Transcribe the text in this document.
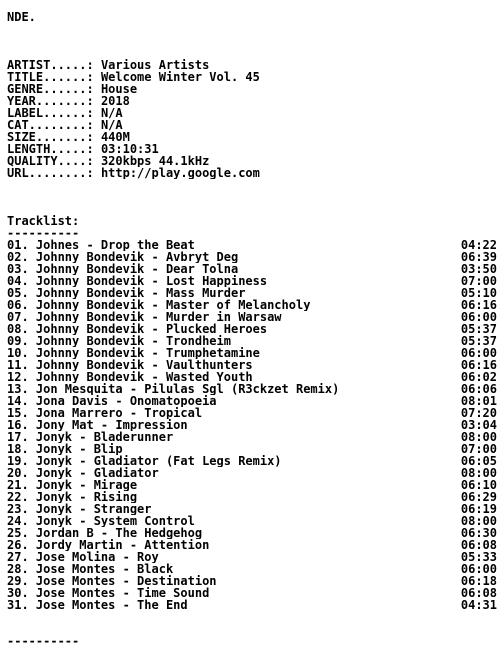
NDE.
ARTIST.....: Various Artists
TITLE......: Welcome Winter Vol. 45
GENRE......: House
YEAR.......: 2018
LABEL......: N/A
CAT........: N/A
SIZE.......: 440M
LENGTH.....: 03:10:31
QUALITY....: 320kbps 44.1kHz
URL........: http://play.google.com
Tracklist:
----------
01. Johnes - Drop the Beat	04:22
02. Johnny Bondevik - Avbryt Deg	06:39
03. Johnny Bondevik - Dear Tolna	03:50
04. Johnny Bondevik - Lost Happiness	07:00
05. Johnny Bondevik - Mass Murder	05:10
06. Johnny Bondevik - Master of Melancholy	06:16
07. Johnny Bondevik - Murder in Warsaw	06:00
08. Johnny Bondevik - Plucked Heroes	05:37
09. Johnny Bondevik - Trondheim	05:37
10. Johnny Bondevik - Trumphetamine	06:00
11. Johnny Bondevik - Vaulthunters	06:16
12. Johnny Bondevik - Wasted Youth	06:02
13. Jon Mesquita - Pilulas Sgl (R3ckzet Remix)	06:06
14. Jona Davis - Onomatopoeia	08:01
15. Jona Marrero - Tropical	07:20
16. Jony Mat - Impression	03:04
17. Jonyk - Bladerunner	08:00
18. Jonyk - Blip	07:00
19. Jonyk - Gladiator (Fat Legs Remix)	06:05
20. Jonyk - Gladiator	08:00
21. Jonyk - Mirage	06:10
22. Jonyk - Rising	06:29
23. Jonyk - Stranger	06:19
24. Jonyk - System Control	08:00
25. Jordan B - The Hedgehog	06:30
26. Jordy Martin - Attention	06:08
27. Jose Molina - Roy	05:33
28. Jose Montes - Black	06:00
29. Jose Montes - Destination	06:18
30. Jose Montes - Time Sound	06:08
31. Jose Montes - The End	04:31
----------
